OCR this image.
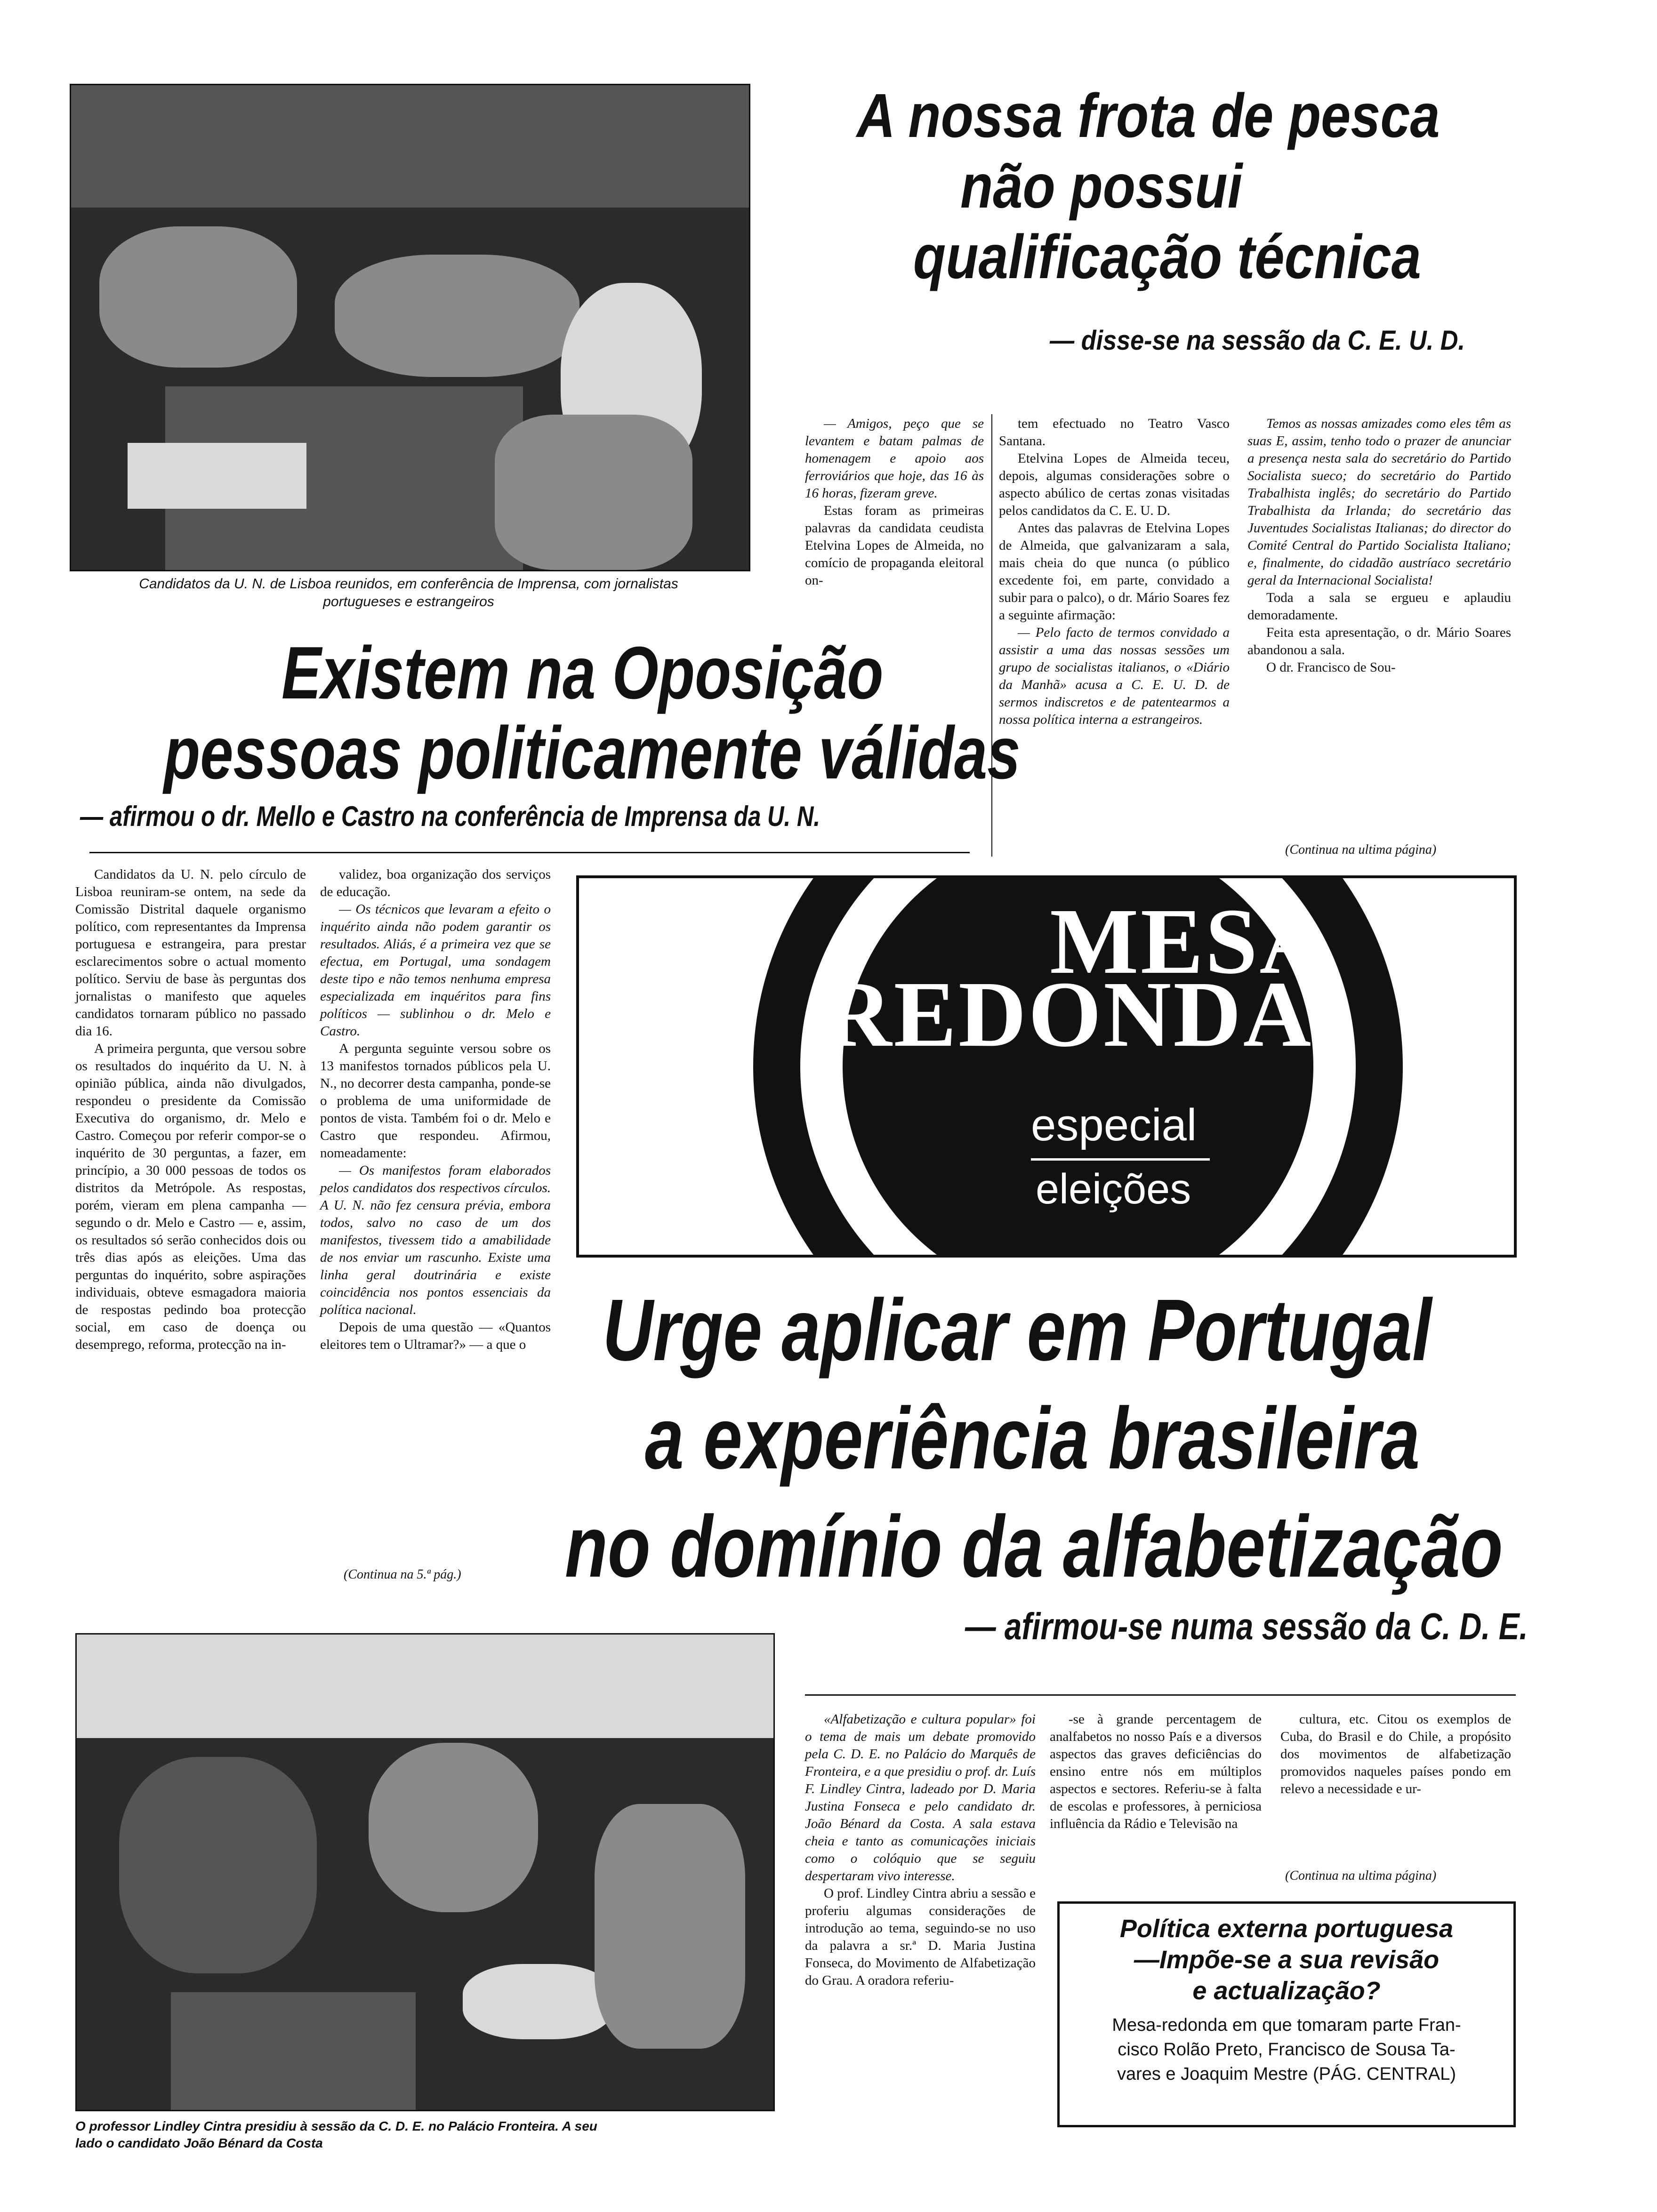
Candidatos da U. N. de Lisboa reunidos, em conferência de Imprensa, com jornalistas
portugueses e estrangeiros
A nossa frota de pesca
não possui
qualificação técnica
— disse-se na sessão da C. E. U. D.

— Amigos, peço que se levantem e batam palmas de homenagem e apoio aos ferroviários que hoje, das 16 às 16 horas, fizeram greve.

Estas foram as primeiras palavras da candidata ceudista Etelvina Lopes de Almeida, no comício de propaganda eleitoral on-

tem efectuado no Teatro Vasco Santana.

Etelvina Lopes de Almeida teceu, depois, algumas considerações sobre o aspecto abúlico de certas zonas visitadas pelos candidatos da C. E. U. D.

Antes das palavras de Etelvina Lopes de Almeida, que galvanizaram a sala, mais cheia do que nunca (o público excedente foi, em parte, convidado a subir para o palco), o dr. Mário Soares fez a seguinte afirmação:

— Pelo facto de termos convidado a assistir a uma das nossas sessões um grupo de socialistas italianos, o «Diário da Manhã» acusa a C. E. U. D. de sermos indiscretos e de patentearmos a nossa política interna a estrangeiros.

Temos as nossas amizades como eles têm as suas E, assim, tenho todo o prazer de anunciar a presença nesta sala do secretário do Partido Socialista sueco; do secretário do Partido Trabalhista inglês; do secretário do Partido Trabalhista da Irlanda; do secretário das Juventudes Socialistas Italianas; do director do Comité Central do Partido Socialista Italiano; e, finalmente, do cidadão austríaco secretário geral da Internacional Socialista!

Toda a sala se ergueu e aplaudiu demoradamente.

Feita esta apresentação, o dr. Mário Soares abandonou a sala.

O dr. Francisco de Sou-

(Continua na ultima página)
Existem na Oposição
pessoas politicamente válidas
— afirmou o dr. Mello e Castro na conferência de Imprensa da U. N.

Candidatos da U. N. pelo círculo de Lisboa reuniram-se ontem, na sede da Comissão Distrital daquele organismo político, com representantes da Imprensa portuguesa e estrangeira, para prestar esclarecimentos sobre o actual momento político. Serviu de base às perguntas dos jornalistas o manifesto que aqueles candidatos tornaram público no passado dia 16.

A primeira pergunta, que versou sobre os resultados do inquérito da U. N. à opinião pública, ainda não divulgados, respondeu o presidente da Comissão Executiva do organismo, dr. Melo e Castro. Começou por referir compor-se o inquérito de 30 perguntas, a fazer, em princípio, a 30 000 pessoas de todos os distritos da Metrópole. As respostas, porém, vieram em plena campanha — segundo o dr. Melo e Castro — e, assim, os resultados só serão conhecidos dois ou três dias após as eleições. Uma das perguntas do inquérito, sobre aspirações individuais, obteve esmagadora maioria de respostas pedindo boa protecção social, em caso de doença ou desemprego, reforma, protecção na in-

validez, boa organização dos serviços de educação.

— Os técnicos que levaram a efeito o inquérito ainda não podem garantir os resultados. Aliás, é a primeira vez que se efectua, em Portugal, uma sondagem deste tipo e não temos nenhuma empresa especializada em inquéritos para fins políticos — sublinhou o dr. Melo e Castro.

A pergunta seguinte versou sobre os 13 manifestos tornados públicos pela U. N., no decorrer desta campanha, ponde-se o problema de uma uniformidade de pontos de vista. Também foi o dr. Melo e Castro que respondeu. Afirmou, nomeadamente:

— Os manifestos foram elaborados pelos candidatos dos respectivos círculos. A U. N. não fez censura prévia, embora todos, salvo no caso de um dos manifestos, tivessem tido a amabilidade de nos enviar um rascunho. Existe uma linha geral doutrinária e existe coincidência nos pontos essenciais da política nacional.

Depois de uma questão — «Quantos eleitores tem o Ultramar?» — a que o

(Continua na 5.ª pág.)
MESA
REDONDA
especial
eleições
Urge aplicar em Portugal
a experiência brasileira
no domínio da alfabetização
— afirmou-se numa sessão da C. D. E.
O professor Lindley Cintra presidiu à sessão da C. D. E. no Palácio Fronteira. A seu
lado o candidato João Bénard da Costa

«Alfabetização e cultura popular» foi o tema de mais um debate promovido pela C. D. E. no Palácio do Marquês de Fronteira, e a que presidiu o prof. dr. Luís F. Lindley Cintra, ladeado por D. Maria Justina Fonseca e pelo candidato dr. João Bénard da Costa. A sala estava cheia e tanto as comunicações iniciais como o colóquio que se seguiu despertaram vivo interesse.

O prof. Lindley Cintra abriu a sessão e proferiu algumas considerações de introdução ao tema, seguindo-se no uso da palavra a sr.ª D. Maria Justina Fonseca, do Movimento de Alfabetização do Grau. A oradora referiu-

-se à grande percentagem de analfabetos no nosso País e a diversos aspectos das graves deficiências do ensino entre nós em múltiplos aspectos e sectores. Referiu-se à falta de escolas e professores, à perniciosa influência da Rádio e Televisão na

cultura, etc. Citou os exemplos de Cuba, do Brasil e do Chile, a propósito dos movimentos de alfabetização promovidos naqueles países pondo em relevo a necessidade e ur-

(Continua na ultima página)
Política externa portuguesa
—Impõe-se a sua revisão
e actualização?
Mesa-redonda em que tomaram parte Fran-
cisco Rolão Preto, Francisco de Sousa Ta-
vares e Joaquim Mestre (PÁG. CENTRAL)
